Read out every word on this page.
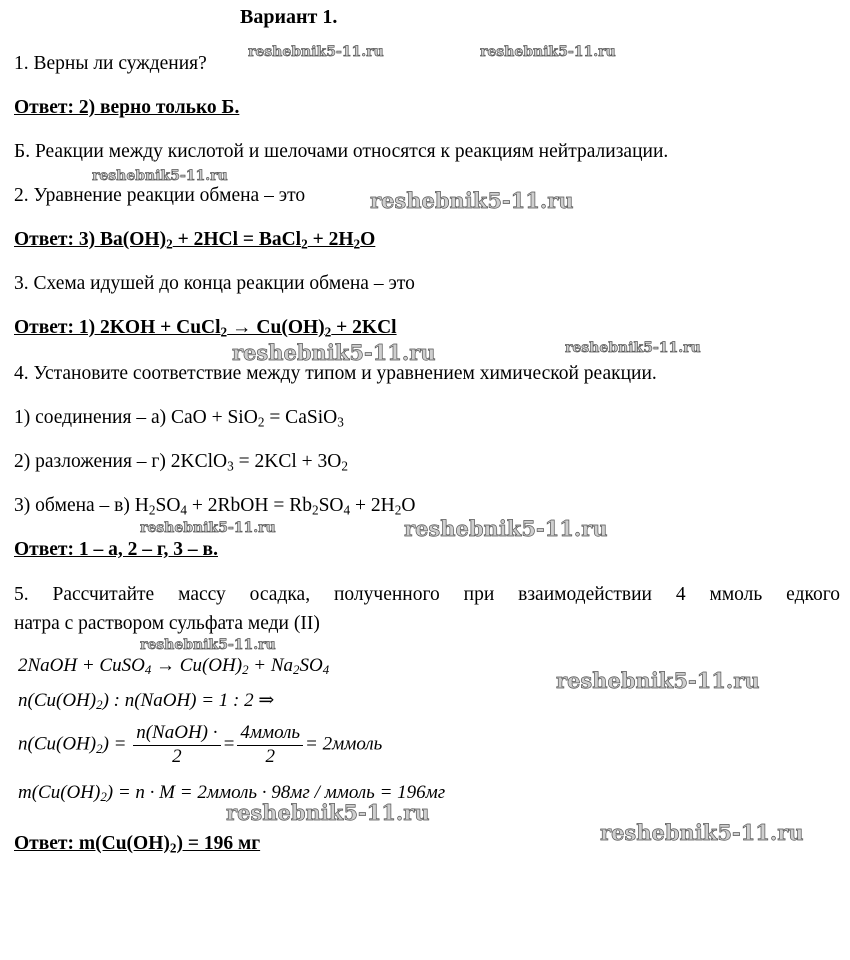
Вариант 1.
1. Верны ли суждения?
Ответ: 2) верно только Б.
Б. Реакции между кислотой и шелочами относятся к реакциям нейтрализации.
2. Уравнение реакции обмена – это
Ответ: 3) $Ba(OH)_2 + 2HCl$ = BaCl$_2$ + $2H_2O$
3. Схема идушей до конца реакции обмена – это
Ответ: 1) 2KOH + CuCl$_2$ → $Cu(OH)_2 + 2KCl$
4. Установите соответствие между типом и уравнением химической реакции.
1) соединения – а) CaO + SiO$_2$ = CaSiO$_3$
2) разложения – г) 2KClO$_3$ = $2KCl + 3O_2$
3) обмена – в) $H_2SO_4$ + 2RbOH = $Rb_2SO_4 + 2H_2O$
Ответ: 1 – а, 2 – г, 3 – в.
5. Рассчитайте массу осадка, полученного при взаимодействии 4 ммоль едкого
натра с раствором сульфата меди (II)
2NaOH + CuSO$_4$ → $Cu(OH)_2 + Na_2SO_4$
$n(Cu(OH)_2)$ : n(NaOH) = 1 : 2 ⇒
$n(Cu(OH)_2) = \frac{\text{n(NaOH) ·}}{2} = \frac{\text{4ммоль}}{2}$ = 2ммоль
$m(Cu(OH)_2) = n \cdot M$ = 2ммоль · 98мг / ммоль = 196мг
Ответ: $m(Cu(OH)_2) = 196$ мг
reshebnik5-11.ru	reshebnik5-11.ru
reshebnik5-11.ru
reshebnik5-11.ru
reshebnik5-11.ru	reshebnik5-11.ru
reshebnik5-11.ru	reshebnik5-11.ru
reshebnik5-11.ru
reshebnik5-11.ru
reshebnik5-11.ru
reshebnik5-11.ru
